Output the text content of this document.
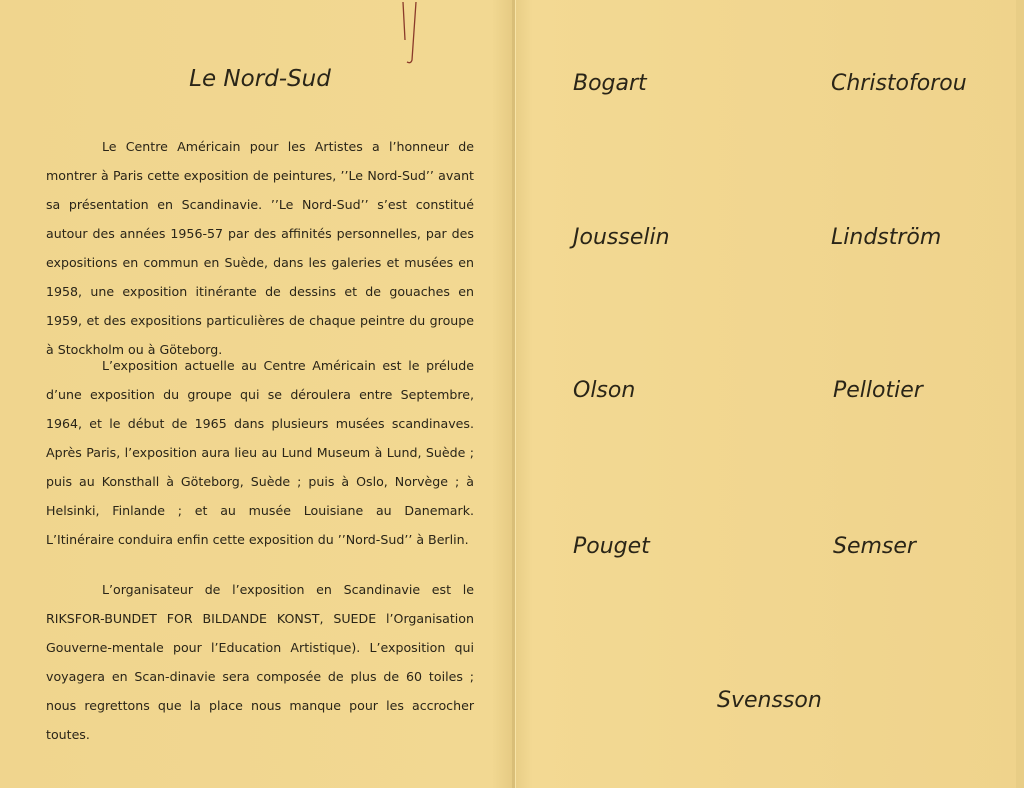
Le Nord-Sud

Le Centre Américain pour les Artistes a l’honneur de montrer à Paris cette exposition de peintures, ’’Le Nord-Sud’’ avant sa présentation en Scandinavie. ’’Le Nord-Sud’’ s’est constitué autour des années 1956-57 par des affinités personnelles, par des expositions en commun en Suède, dans les galeries et musées en 1958, une exposition itinérante de dessins et de gouaches en 1959, et des expositions particulières de chaque peintre du groupe à Stockholm ou à Göteborg.

L’exposition actuelle au Centre Américain est le prélude d’une exposition du groupe qui se déroulera entre Septembre, 1964, et le début de 1965 dans plusieurs musées scandinaves. Après Paris, l’exposition aura lieu au Lund Museum à Lund, Suède ; puis au Konsthall à Göteborg, Suède ; puis à Oslo, Norvège ; à Helsinki, Finlande ; et au musée Louisiane au Danemark. L’Itinéraire conduira enfin cette exposition du ’’Nord-Sud’’ à Berlin.

L’organisateur de l’exposition en Scandinavie est le RIKSFOR-BUNDET FOR BILDANDE KONST, SUEDE l’Organisation Gouverne-mentale pour l’Education Artistique). L’exposition qui voyagera en Scan-dinavie sera composée de plus de 60 toiles ; nous regrettons que la place nous manque pour les accrocher toutes.

Bogart	Christoforou
Jousselin	Lindström
Olson	Pellotier
Pouget	Semser
Svensson
